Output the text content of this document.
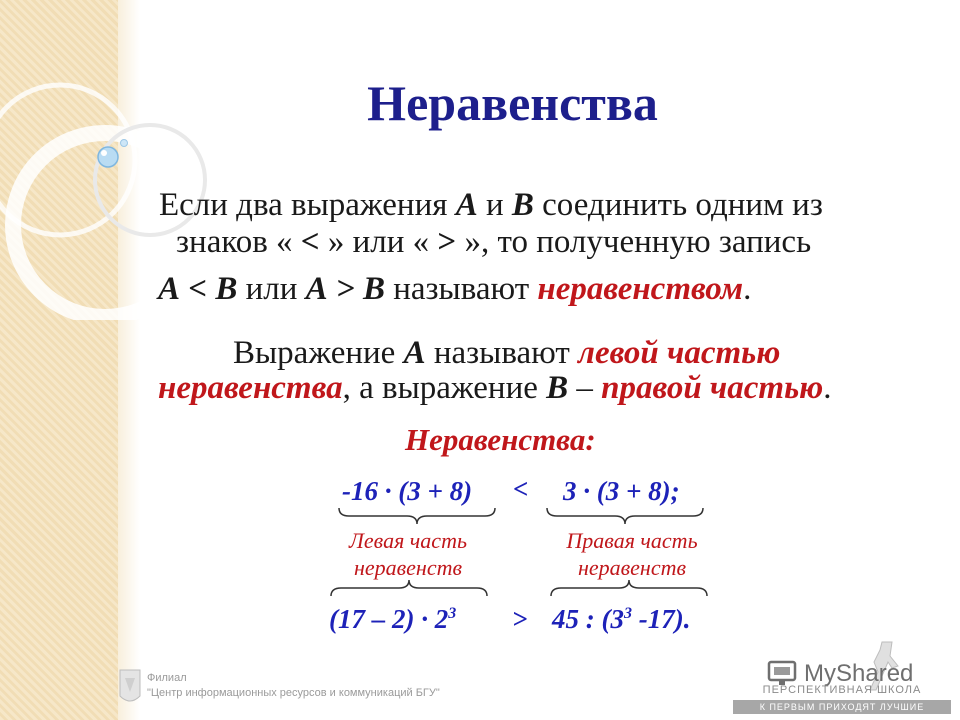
Неравенства
Если два выражения А и В соединить одним из
знаков « < » или « > », то полученную запись
А < В или А > В называют неравенством.
Выражение А называют левой частью
неравенства, а выражение В – правой частью.
Неравенства:
-16 · (3 + 8) < 3 · (3 + 8);
Левая часть
неравенств
Правая часть
неравенств
$(17 - 2) \cdot 2^3 > 45$ : ($3^3$ -17).
Филиал
"Центр информационных ресурсов и коммуникаций БГУ"
MyShared
ПЕРСПЕКТИВНАЯ ШКОЛА
К ПЕРВЫМ ПРИХОДЯТ ЛУЧШИЕ
